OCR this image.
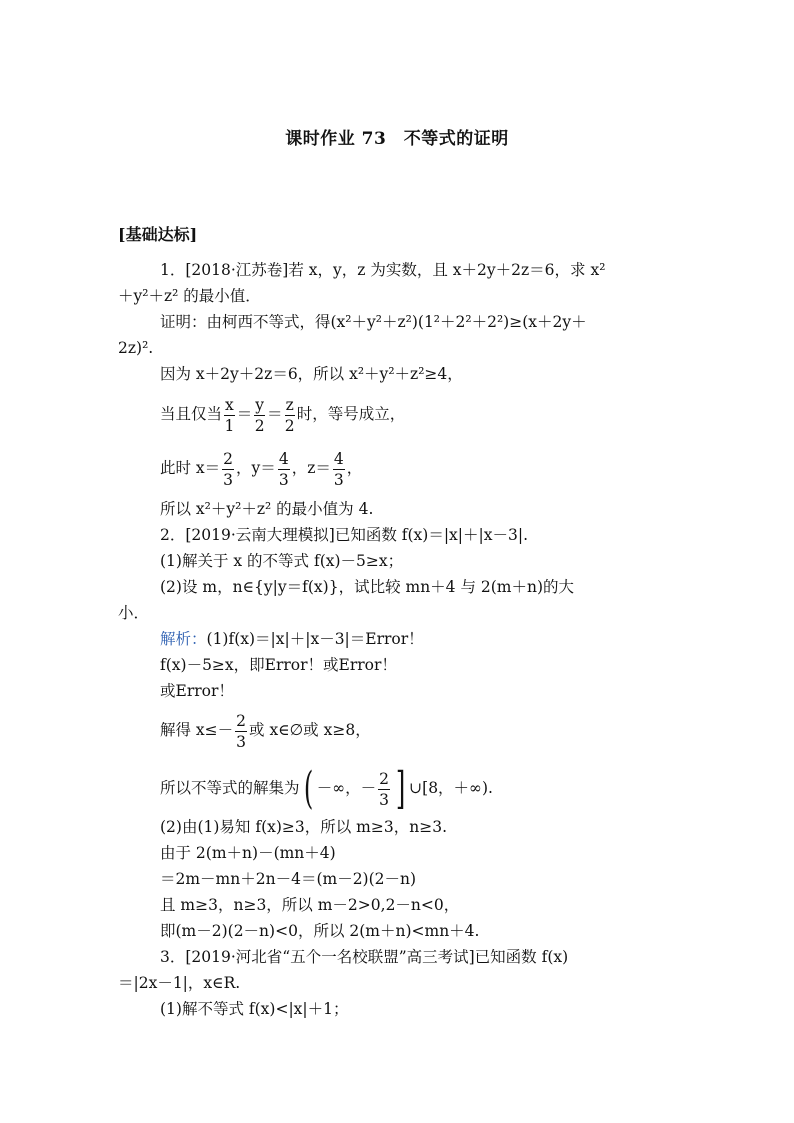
课时作业 73　不等式的证明
[基础达标]
1．[2018·江苏卷]若 x，y，z 为实数，且 x＋2y＋2z＝6，求 x²
＋y²＋z² 的最小值．
证明：由柯西不等式，得(x²＋y²＋z²)(1²＋2²＋2²)≥(x＋2y＋
2z)².
因为 x＋2y＋2z＝6，所以 x²＋y²＋z²≥4，
当且仅当 $\frac{x}{1} = \frac{y}{2} = \frac{z}{2}$ 时，等号成立，
此时 $x= \frac{2}{3}$ ，$y= \frac{4}{3}$ ，$z= \frac{4}{3}$ ，
所以 x²＋y²＋z² 的最小值为 4.
2．[2019·云南大理模拟]已知函数 f(x)＝|x|＋|x－3|.
(1)解关于 x 的不等式 f(x)－5≥x；
(2)设 m，n∈{y|y＝f(x)}，试比较 mn＋4 与 2(m＋n)的大
小．
解析：(1)f(x)＝|x|＋|x－3|＝Error！
f(x)－5≥x，即Error！或Error！
或Error！
解得 $x\le- \frac{2}{3}$ 或 x∈∅或 x≥8，
所以不等式的解集为( －∞，－ $\frac{2}{3}$ ] ∪[8，＋∞).
(2)由(1)易知 f(x)≥3，所以 m≥3，n≥3.
由于 2(m＋n)－(mn＋4)
＝2m－mn＋2n－4＝(m－2)(2－n)
且 m≥3，n≥3，所以 m－2>0,2－n<0，
即(m－2)(2－n)<0，所以 2(m＋n)<mn＋4.
3．[2019·河北省“五个一名校联盟”高三考试]已知函数 f(x)
＝|2x－1|，x∈R.
(1)解不等式 f(x)<|x|＋1；
